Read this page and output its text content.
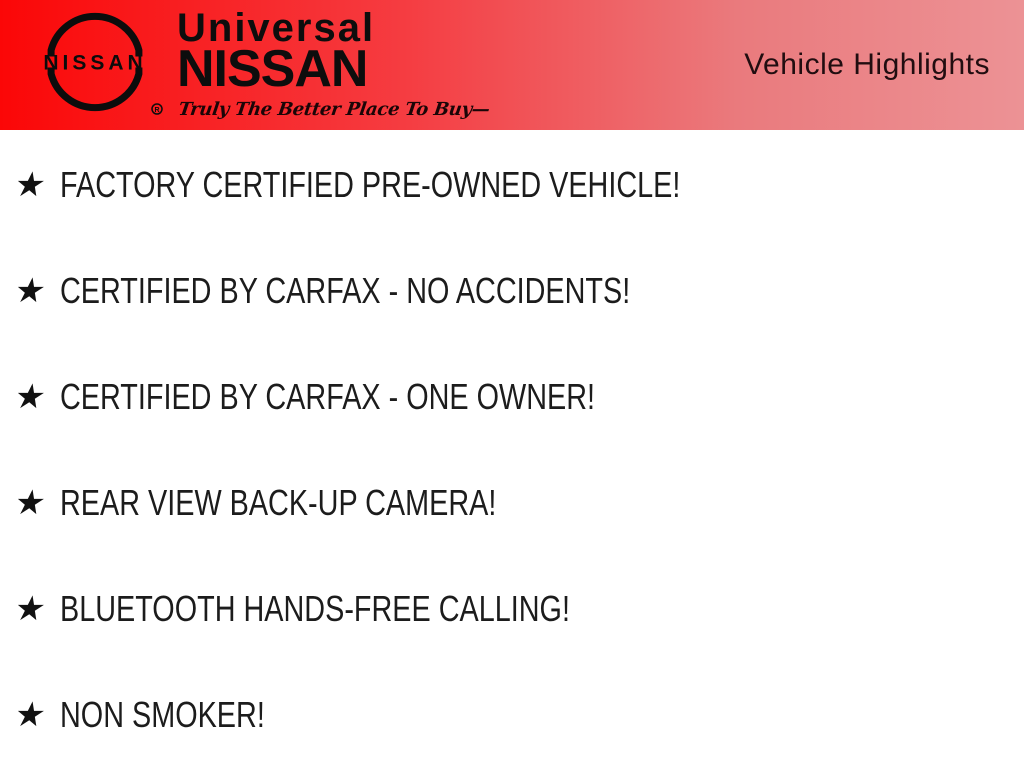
NISSAN
R
Universal
NISSAN
Truly The Better Place To Buy—
Vehicle Highlights
★ FACTORY CERTIFIED PRE-OWNED VEHICLE!
★ CERTIFIED BY CARFAX - NO ACCIDENTS!
★ CERTIFIED BY CARFAX - ONE OWNER!
★ REAR VIEW BACK-UP CAMERA!
★ BLUETOOTH HANDS-FREE CALLING!
★ NON SMOKER!
